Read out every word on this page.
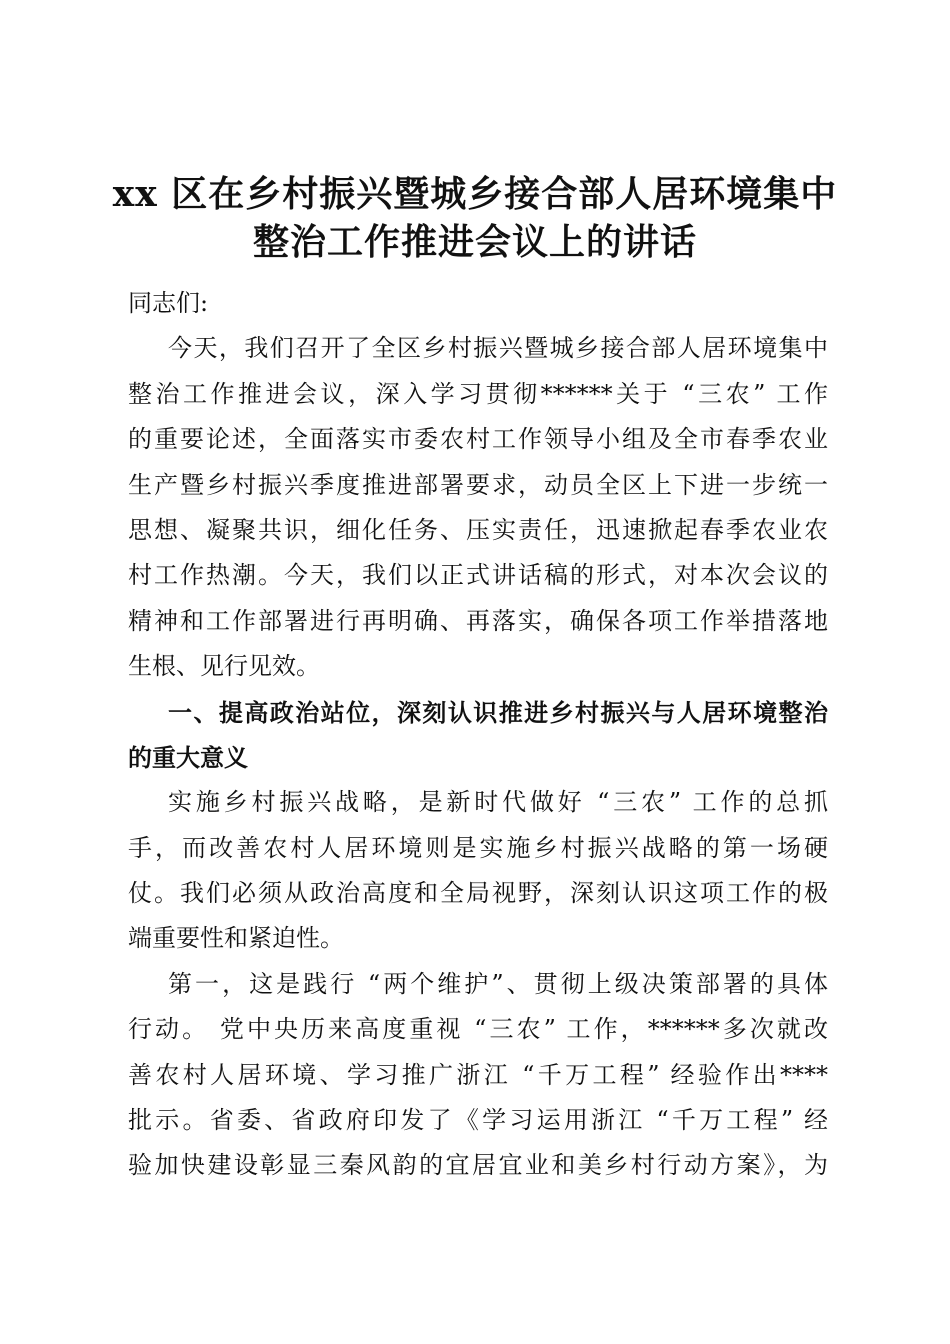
xx 区在乡村振兴暨城乡接合部人居环境集中
整治工作推进会议上的讲话
同志们:
今天，我们召开了全区乡村振兴暨城乡接合部人居环境集中
整治工作推进会议，深入学习贯彻******关于 “三农” 工作
的重要论述，全面落实市委农村工作领导小组及全市春季农业
生产暨乡村振兴季度推进部署要求，动员全区上下进一步统一
思想、凝聚共识，细化任务、压实责任，迅速掀起春季农业农
村工作热潮。今天，我们以正式讲话稿的形式，对本次会议的
精神和工作部署进行再明确、再落实，确保各项工作举措落地
生根、见行见效。
一、提高政治站位，深刻认识推进乡村振兴与人居环境整治
的重大意义
实施乡村振兴战略，是新时代做好 “三农” 工作的总抓
手，而改善农村人居环境则是实施乡村振兴战略的第一场硬
仗。我们必须从政治高度和全局视野，深刻认识这项工作的极
端重要性和紧迫性。
第一，这是践行 “两个维护”、贯彻上级决策部署的具体
行动。 党中央历来高度重视 “三农” 工作，******多次就改
善农村人居环境、学习推广浙江 “千万工程” 经验作出****
批示。省委、省政府印发了《学习运用浙江 “千万工程” 经
验加快建设彰显三秦风韵的宜居宜业和美乡村行动方案》，为
